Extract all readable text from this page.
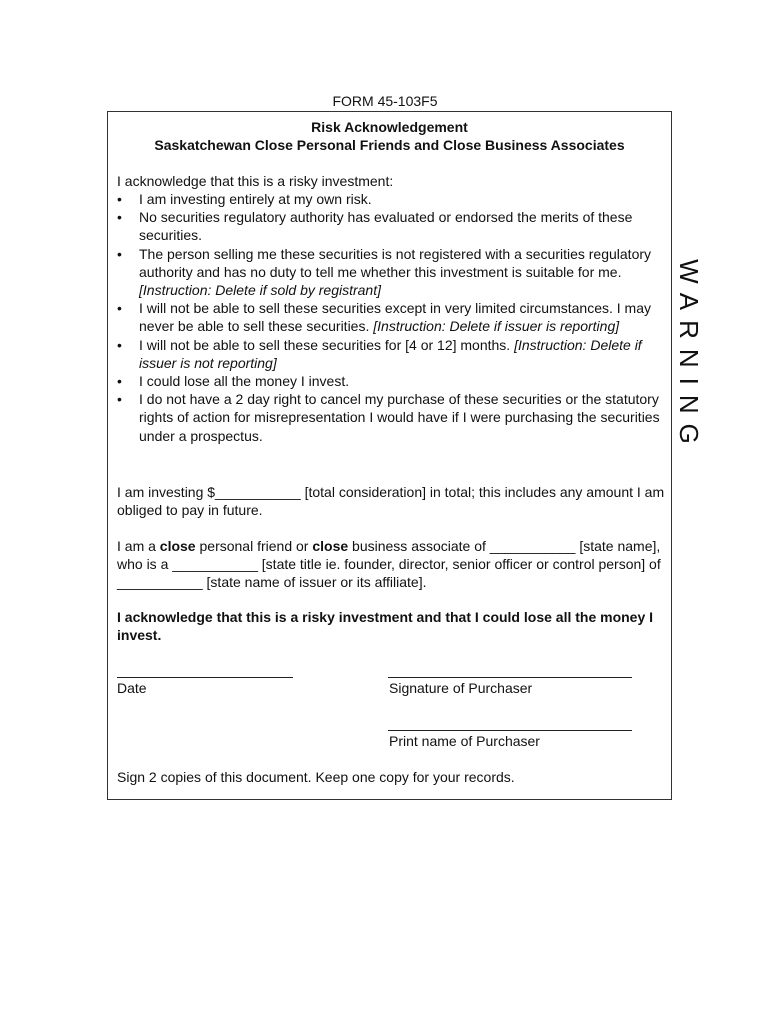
FORM 45-103F5
Risk Acknowledgement
Saskatchewan Close Personal Friends and Close Business Associates
I acknowledge that this is a risky investment:
• I am investing entirely at my own risk.
• No securities regulatory authority has evaluated or endorsed the merits of these securities.
• The person selling me these securities is not registered with a securities regulatory authority and has no duty to tell me whether this investment is suitable for me. [Instruction: Delete if sold by registrant]
• I will not be able to sell these securities except in very limited circumstances. I may never be able to sell these securities. [Instruction: Delete if issuer is reporting]
• I will not be able to sell these securities for [4 or 12] months. [Instruction: Delete if issuer is not reporting]
• I could lose all the money I invest.
• I do not have a 2 day right to cancel my purchase of these securities or the statutory rights of action for misrepresentation I would have if I were purchasing the securities under a prospectus.
I am investing $___________ [total consideration] in total; this includes any amount I am obliged to pay in future.
I am a close personal friend or close business associate of ___________ [state name], who is a ___________ [state title ie. founder, director, senior officer or control person] of ___________ [state name of issuer or its affiliate].
I acknowledge that this is a risky investment and that I could lose all the money I invest.
Date	Signature of Purchaser
Print name of Purchaser
Sign 2 copies of this document. Keep one copy for your records.
WARNING
